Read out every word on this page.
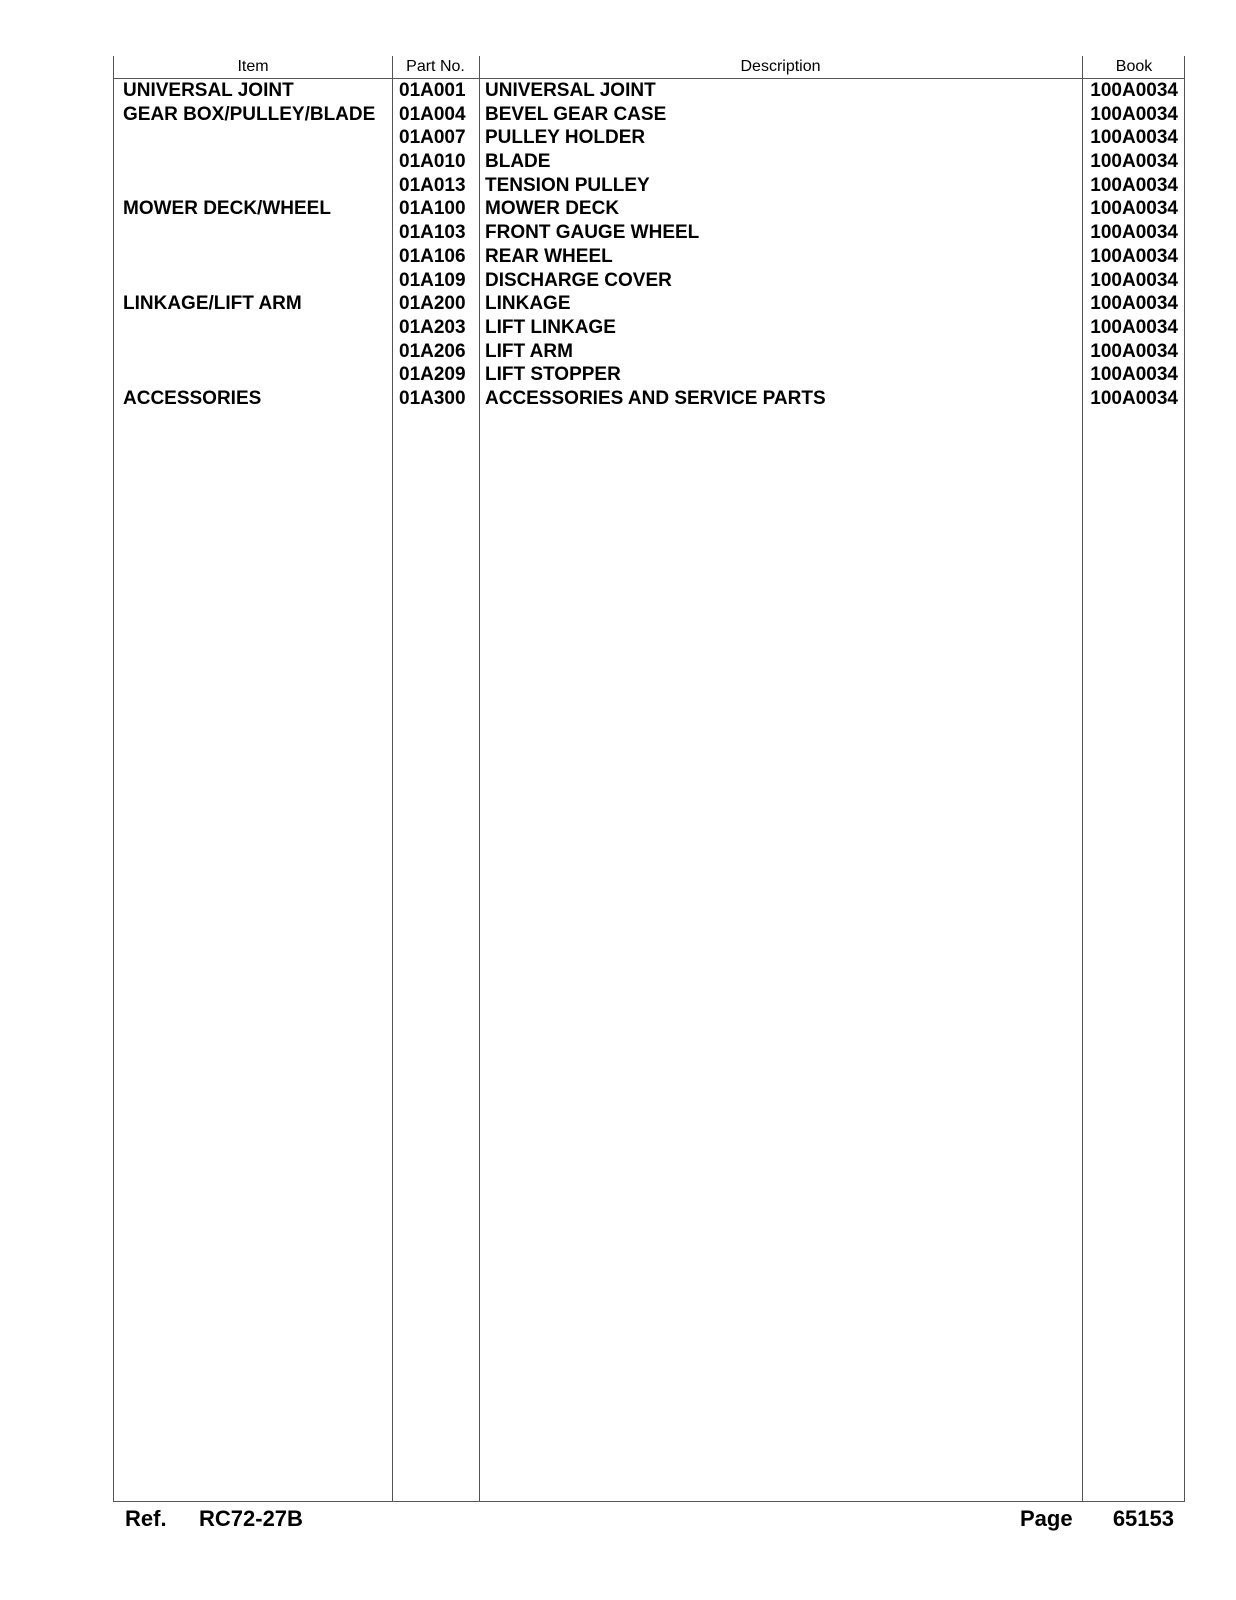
Item	Part No.	Description	Book
UNIVERSAL JOINT	01A001 UNIVERSAL JOINT	100A0034
GEAR BOX/PULLEY/BLADE 01A004 BEVEL GEAR CASE	100A0034
01A007 PULLEY HOLDER	100A0034
01A010 BLADE	100A0034
01A013 TENSION PULLEY	100A0034
MOWER DECK/WHEEL	01A100 MOWER DECK	100A0034
01A103 FRONT GAUGE WHEEL	100A0034
01A106 REAR WHEEL	100A0034
01A109 DISCHARGE COVER	100A0034
LINKAGE/LIFT ARM	01A200 LINKAGE	100A0034
01A203 LIFT LINKAGE	100A0034
01A206 LIFT ARM	100A0034
01A209 LIFT STOPPER	100A0034
ACCESSORIES	01A300 ACCESSORIES AND SERVICE PARTS	100A0034
Ref. RC72-27B	Page	65153
